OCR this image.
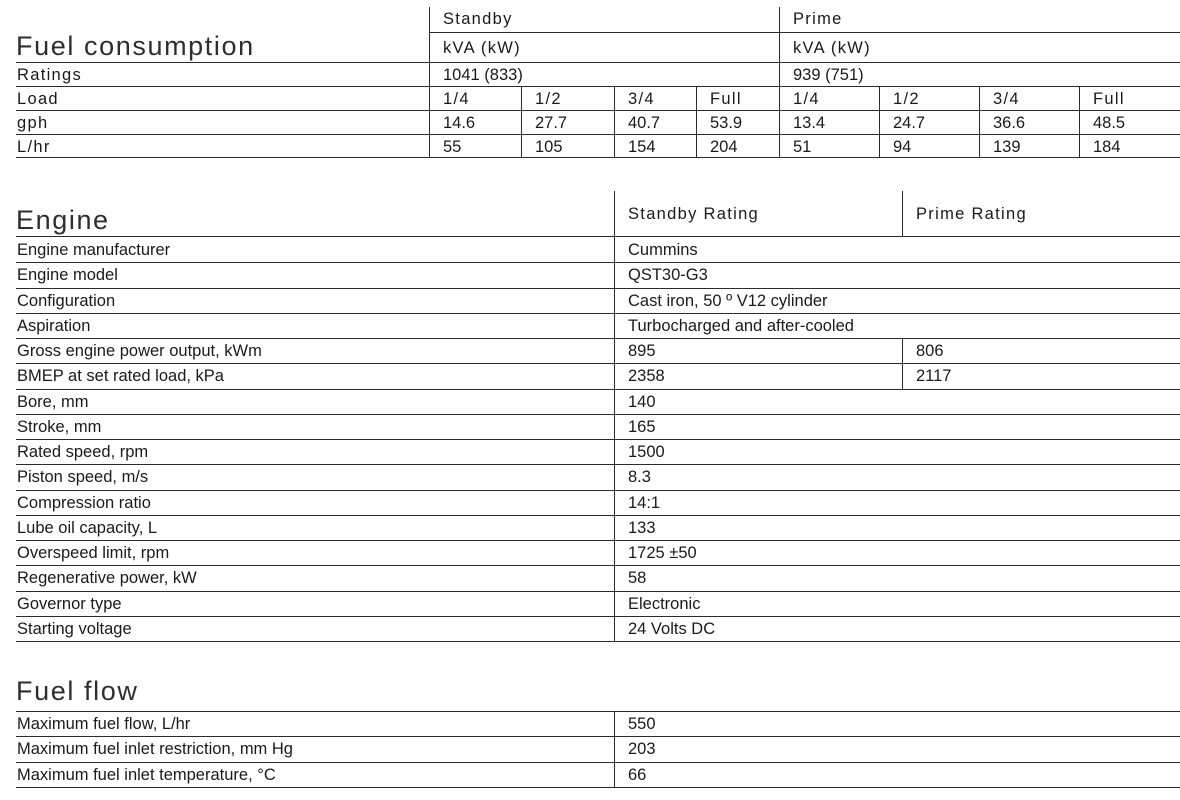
Fuel consumption
Standby	Prime
kVA (kW)	kVA (kW)
Ratings	1041 (833)	939 (751)
Load	1/4	1/2	3/4	Full	1/4	1/2	3/4	Full
gph	14.6	27.7	40.7	53.9	13.4	24.7	36.6	48.5
L/hr	55	105	154	204	51	94	139	184
Engine	Standby Rating	Prime Rating
Engine manufacturer	Cummins
Engine model	QST30-G3
Configuration	Cast iron, 50 º V12 cylinder
Aspiration	Turbocharged and after-cooled
Gross engine power output, kWm	895	806
BMEP at set rated load, kPa	2358	2117
Bore, mm	140
Stroke, mm	165
Rated speed, rpm	1500
Piston speed, m/s	8.3
Compression ratio	14:1
Lube oil capacity, L	133
Overspeed limit, rpm	1725 ±50
Regenerative power, kW	58
Governor type	Electronic
Starting voltage	24 Volts DC
Fuel flow
Maximum fuel flow, L/hr	550
Maximum fuel inlet restriction, mm Hg	203
Maximum fuel inlet temperature, °C	66
